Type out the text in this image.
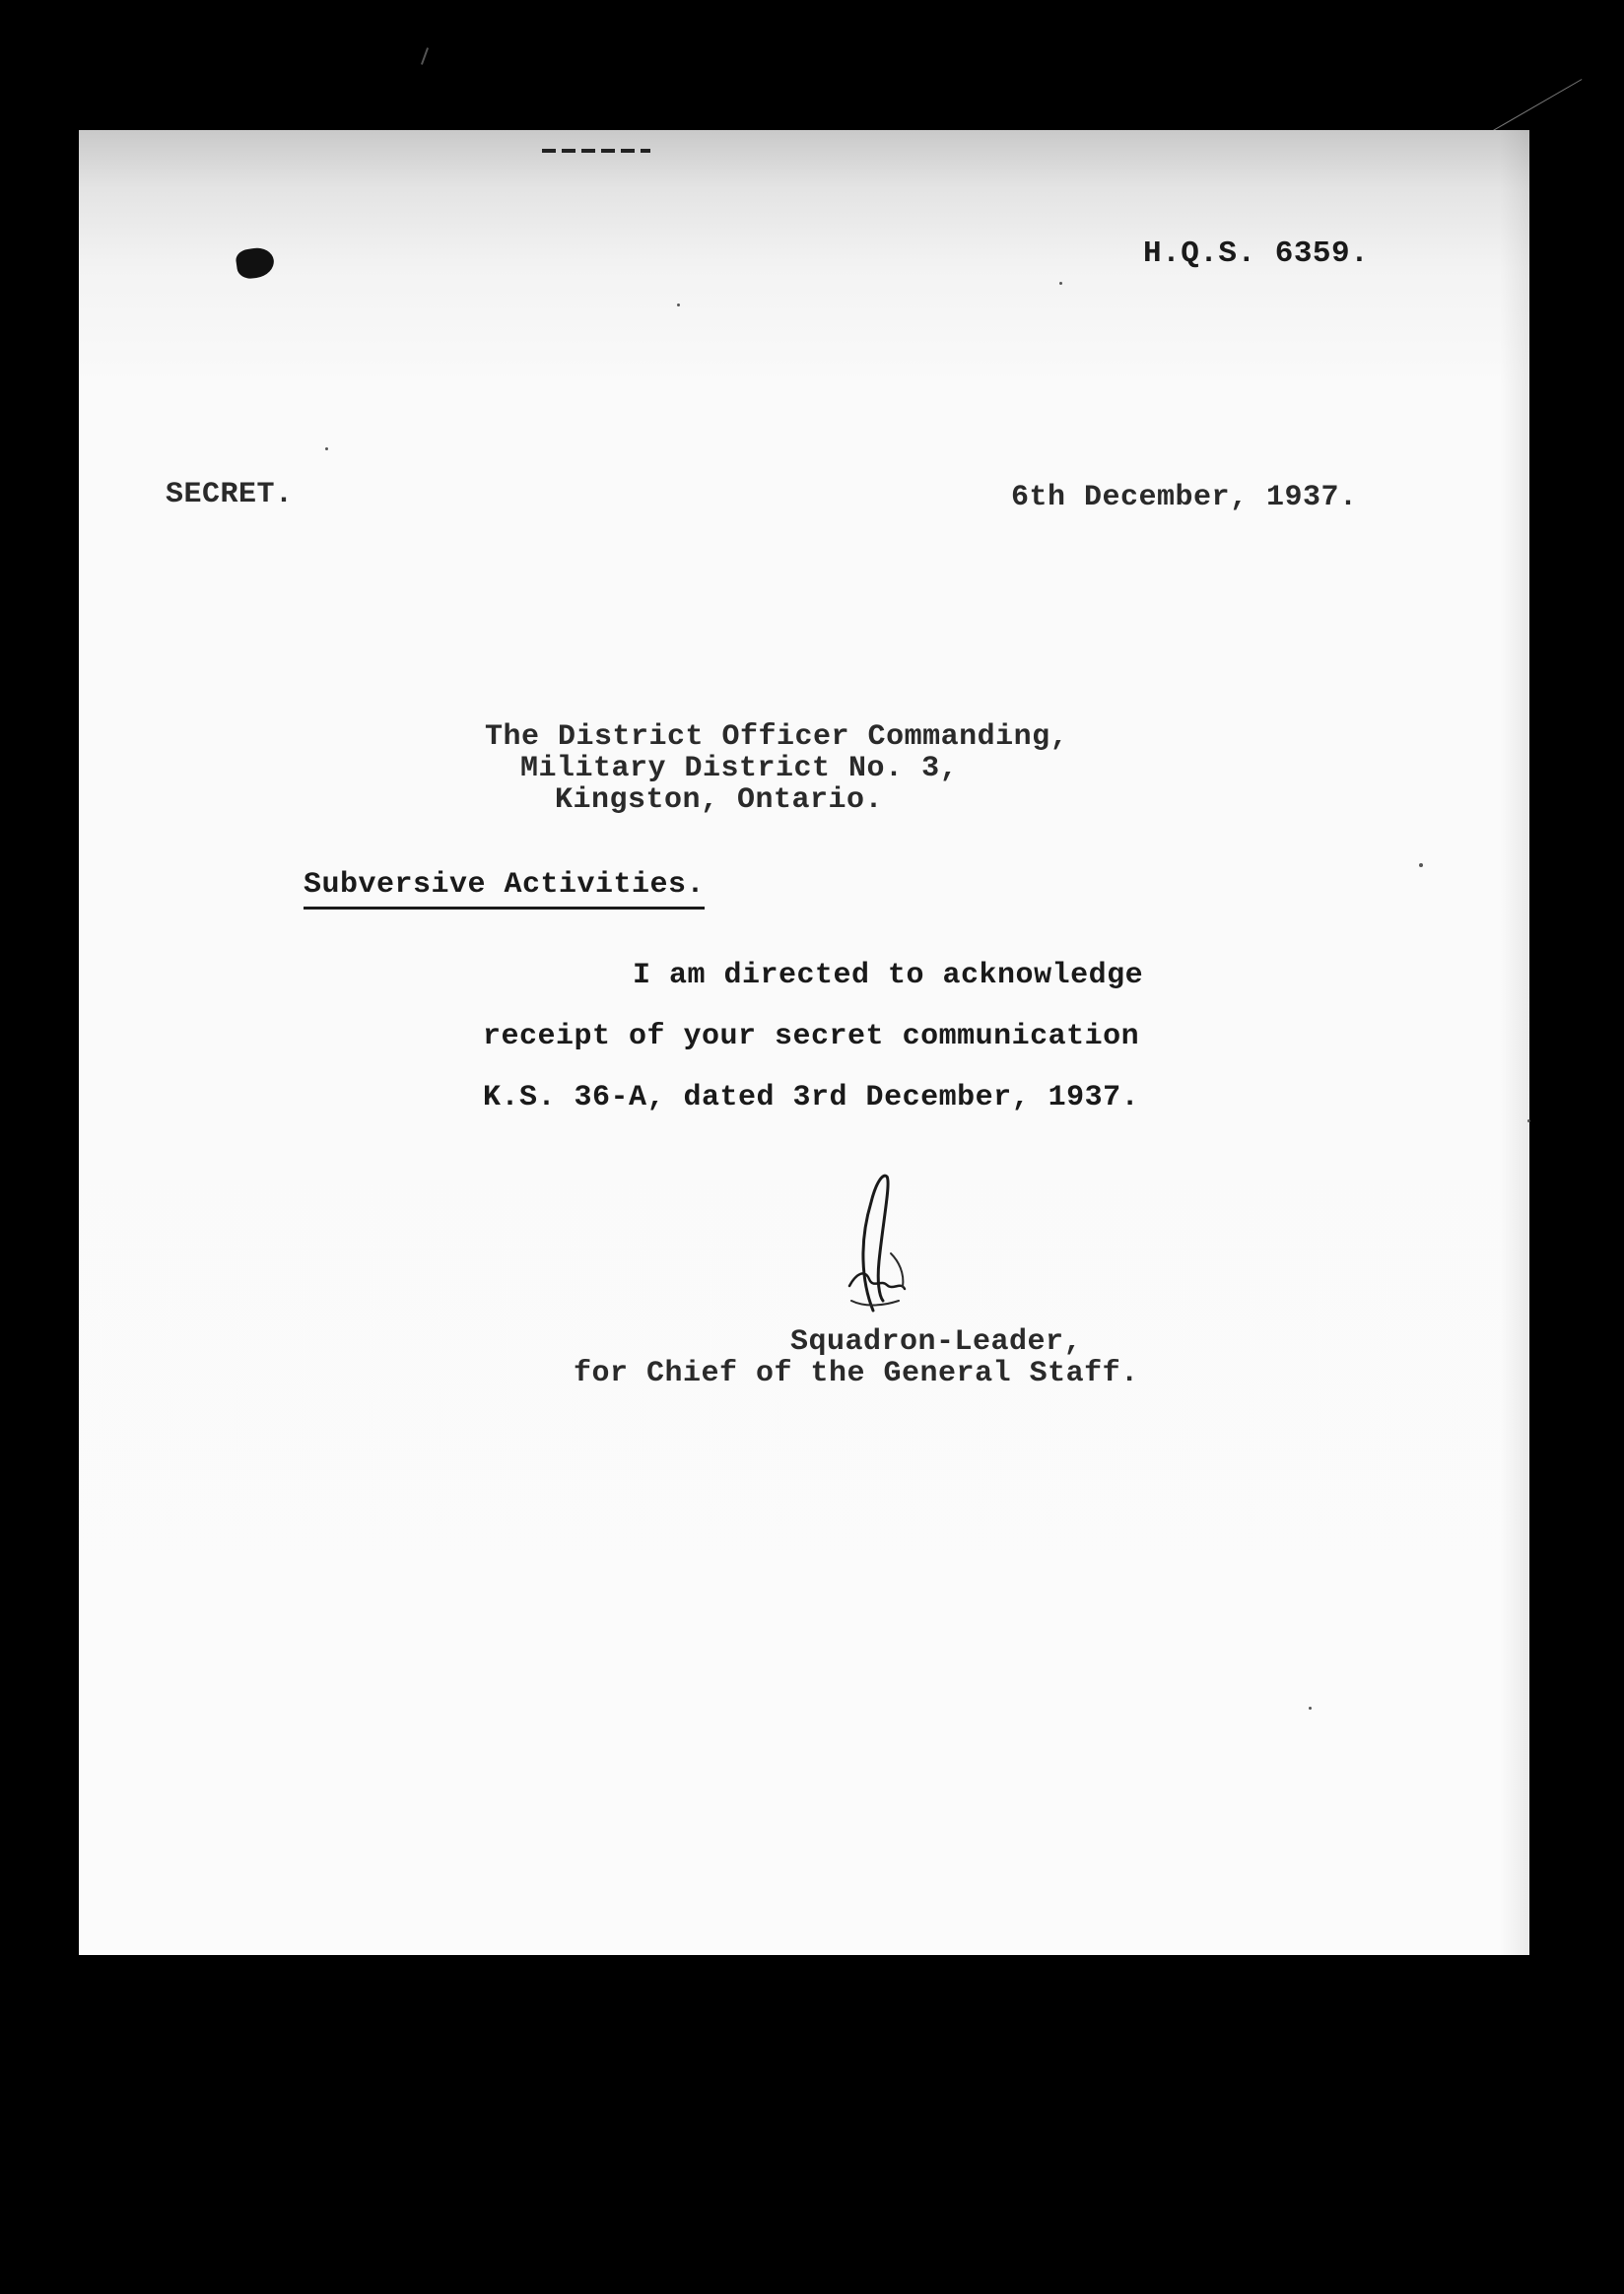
H.Q.S. 6359.
SECRET.	6th December, 1937.
The District Officer Commanding,
Military District No. 3,
Kingston, Ontario.
Subversive Activities.
I am directed to acknowledge
receipt of your secret communication
K.S. 36-A, dated 3rd December, 1937.
Squadron-Leader,
for Chief of the General Staff.
